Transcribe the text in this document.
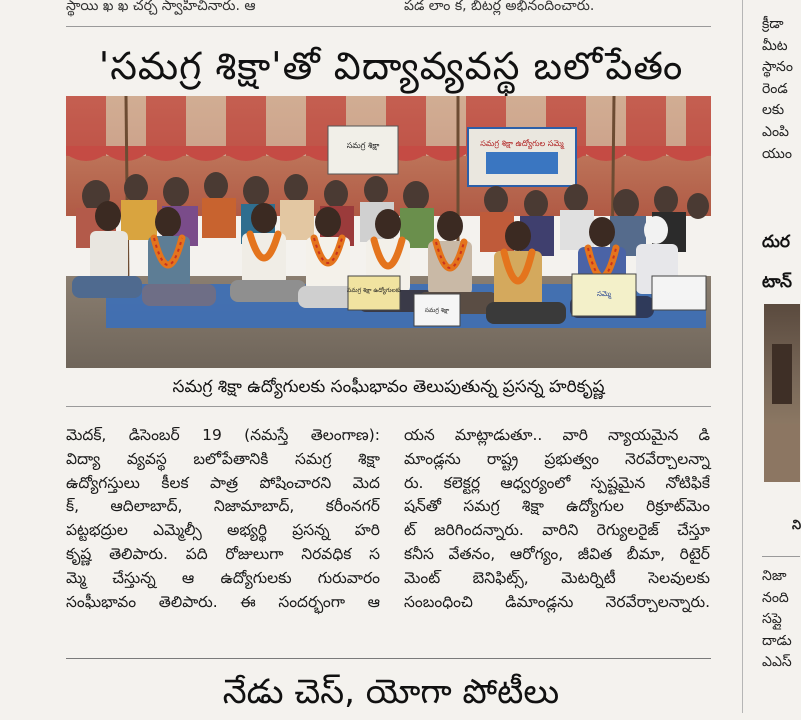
స్థాయి ఖ ఖ చర్చ స్వాహిచినారు. ఆ	పడ లాం క, బిటర్ల అభినందించారు.
'సమగ్ర శిక్షా'తో విద్యావ్యవస్థ బలోపేతం
సమగ్ర శిక్షా ఉద్యోగుల సమ్మె
సమగ్ర శిక్షా
సమగ్ర శిక్షా ఉద్యోగులకు
సమగ్ర శిక్షా
సమ్మె
సమగ్ర శిక్షా ఉద్యోగులకు సంఘీభావం తెలుపుతున్న ప్రసన్న హరికృష్ణ
మెదక్, డిసెంబర్ 19 (నమస్తే తెలంగాణ):
విద్యా వ్యవస్థ బలోపేతానికి సమగ్ర శిక్షా
ఉద్యోగస్తులు కీలక పాత్ర పోషించారని మెద
క్, ఆదిలాబాద్, నిజామాబాద్, కరీంనగర్
పట్టభద్రుల ఎమ్మెల్సీ అభ్యర్థి ప్రసన్న హరి
కృష్ణ తెలిపారు. పది రోజులుగా నిరవధిక స
మ్మె చేస్తున్న ఆ ఉద్యోగులకు గురువారం
సంఘీభావం తెలిపారు. ఈ సందర్భంగా ఆ
యన మాట్లాడుతూ.. వారి న్యాయమైన డి
మాండ్లను రాష్ట్ర ప్రభుత్వం నెరవేర్చాలన్నా
రు. కలెక్టర్ల ఆధ్వర్యంలో స్పష్టమైన నోటిఫికే
షన్‌తో సమగ్ర శిక్షా ఉద్యోగుల రిక్రూట్‌మెం
ట్ జరిగిందన్నారు. వారిని రెగ్యులరైజ్ చేస్తూ
కనీస వేతనం, ఆరోగ్యం, జీవిత బీమా, రిటైర్
మెంట్ బెనిఫిట్స్, మెటర్నిటీ సెలవులకు
సంబంధించి డిమాండ్లను నెరవేర్చాలన్నారు.
నేడు చెస్, యోగా పోటీలు
క్రీడా
మీట
స్థానం
రెండ
లకు
ఎంపి
యుం
దుర
టాన్
ని
నిజా
నంది
సప్లై
దాడు
ఎఎస్
